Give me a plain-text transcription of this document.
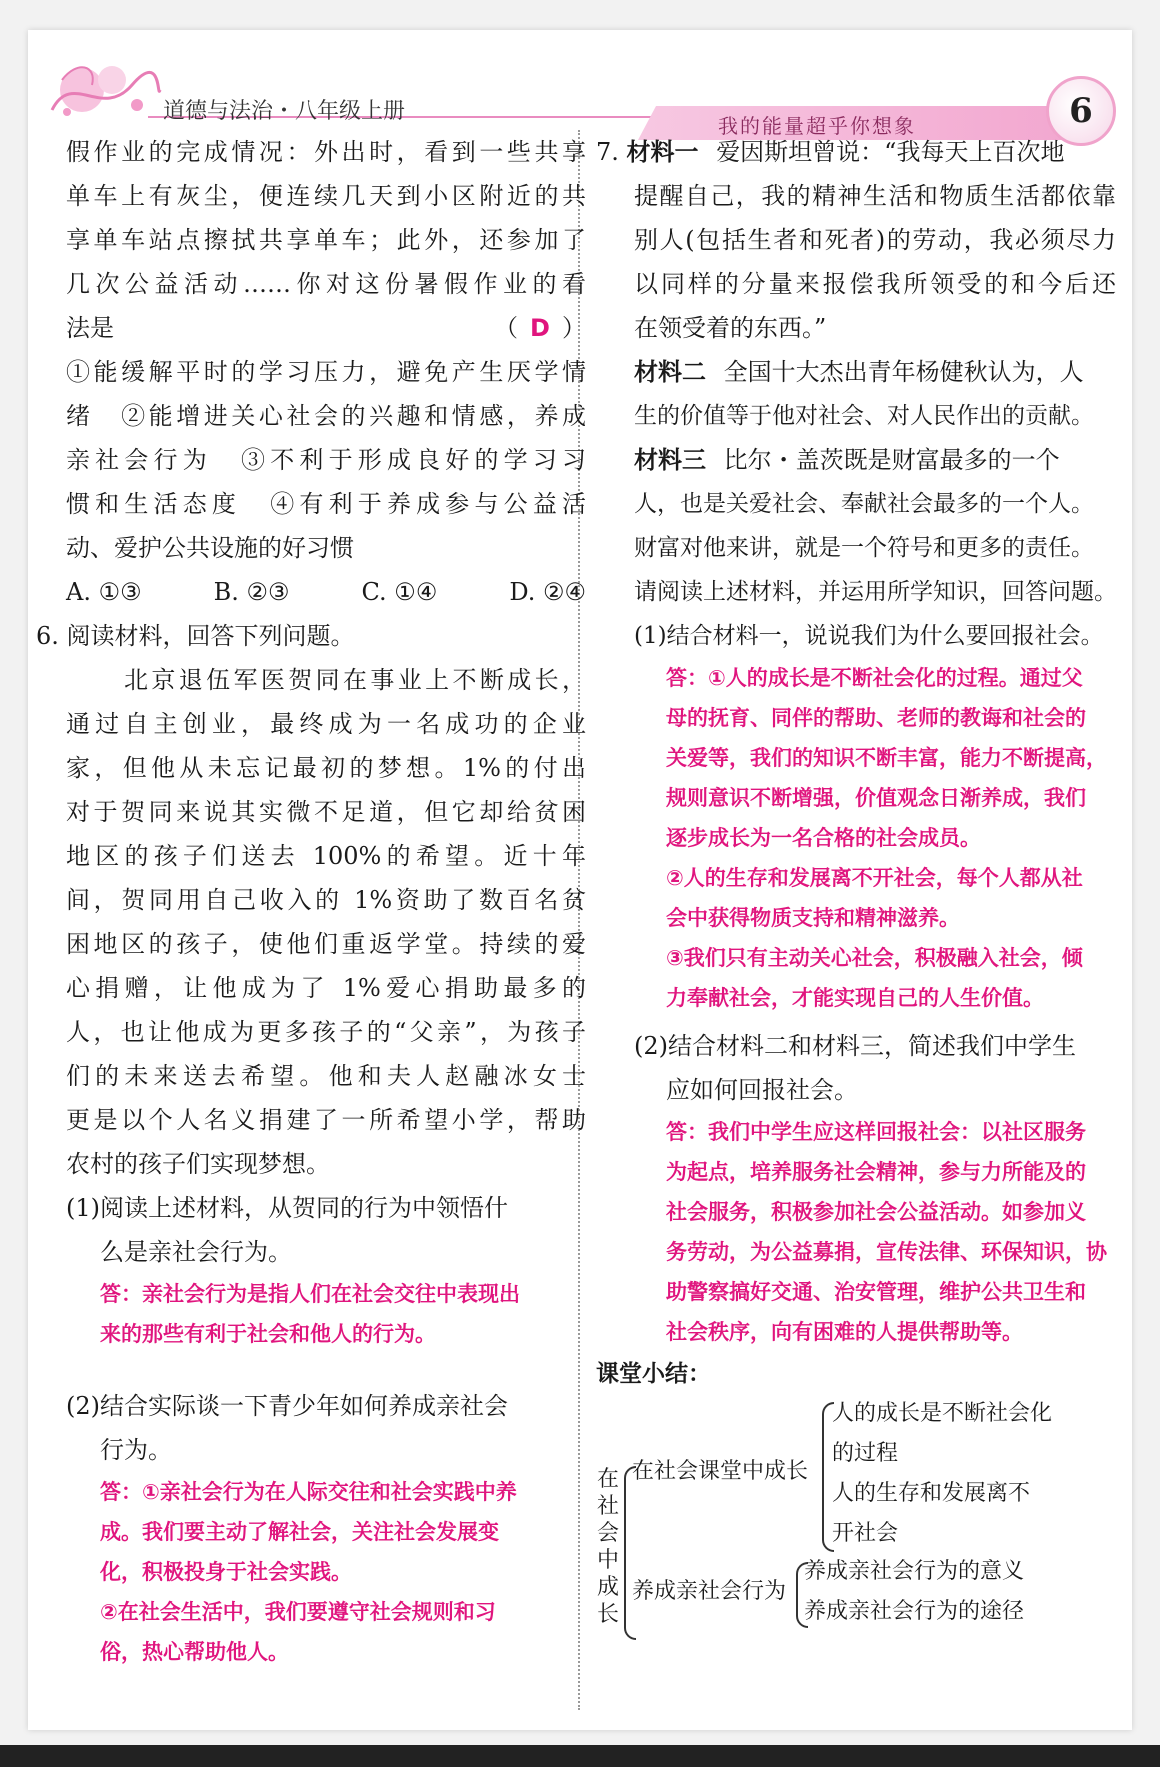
道德与法治・八年级上册
我的能量超乎你想象	6
假作业的完成情况：外出时，看到一些共享
单车上有灰尘，便连续几天到小区附近的共
享单车站点擦拭共享单车；此外，还参加了
几次公益活动……你对这份暑假作业的看
法是	（ D ）
①能缓解平时的学习压力，避免产生厌学情
绪　②能增进关心社会的兴趣和情感，养成
亲社会行为　③不利于形成良好的学习习
惯和生活态度　④有利于养成参与公益活
动、爱护公共设施的好习惯
A. ①③	B. ②③	C. ①④	D. ②④
6. 阅读材料，回答下列问题。
北京退伍军医贺同在事业上不断成长，
通过自主创业，最终成为一名成功的企业
家，但他从未忘记最初的梦想。1%的付出
对于贺同来说其实微不足道，但它却给贫困
地区的孩子们送去 100%的希望。近十年
间，贺同用自己收入的 1%资助了数百名贫
困地区的孩子，使他们重返学堂。持续的爱
心捐赠，让他成为了 1%爱心捐助最多的
人，也让他成为更多孩子的“父亲”，为孩子
们的未来送去希望。他和夫人赵融冰女士
更是以个人名义捐建了一所希望小学，帮助
农村的孩子们实现梦想。
(1)阅读上述材料，从贺同的行为中领悟什
么是亲社会行为。
答：亲社会行为是指人们在社会交往中表现出
来的那些有利于社会和他人的行为。
(2)结合实际谈一下青少年如何养成亲社会
行为。
答：①亲社会行为在人际交往和社会实践中养
成。我们要主动了解社会，关注社会发展变
化，积极投身于社会实践。
②在社会生活中，我们要遵守社会规则和习
俗，热心帮助他人。
7. 材料一 爱因斯坦曾说：“我每天上百次地
提醒自己，我的精神生活和物质生活都依靠
别人(包括生者和死者)的劳动，我必须尽力
以同样的分量来报偿我所领受的和今后还
在领受着的东西。”
材料二 全国十大杰出青年杨健秋认为，人
生的价值等于他对社会、对人民作出的贡献。
材料三 比尔・盖茨既是财富最多的一个
人，也是关爱社会、奉献社会最多的一个人。
财富对他来讲，就是一个符号和更多的责任。
请阅读上述材料，并运用所学知识，回答问题。
(1)结合材料一，说说我们为什么要回报社会。
答：①人的成长是不断社会化的过程。通过父
母的抚育、同伴的帮助、老师的教诲和社会的
关爱等，我们的知识不断丰富，能力不断提高，
规则意识不断增强，价值观念日渐养成，我们
逐步成长为一名合格的社会成员。
②人的生存和发展离不开社会，每个人都从社
会中获得物质支持和精神滋养。
③我们只有主动关心社会，积极融入社会，倾
力奉献社会，才能实现自己的人生价值。
(2)结合材料二和材料三，简述我们中学生
应如何回报社会。
答：我们中学生应这样回报社会：以社区服务
为起点，培养服务社会精神，参与力所能及的
社会服务，积极参加社会公益活动。如参加义
务劳动，为公益募捐，宣传法律、环保知识，协
助警察搞好交通、治安管理，维护公共卫生和
社会秩序，向有困难的人提供帮助等。
课堂小结：
在社会中成长
在社会课堂中成长
人的成长是不断社会化
的过程
人的生存和发展离不
开社会
养成亲社会行为
养成亲社会行为的意义
养成亲社会行为的途径
